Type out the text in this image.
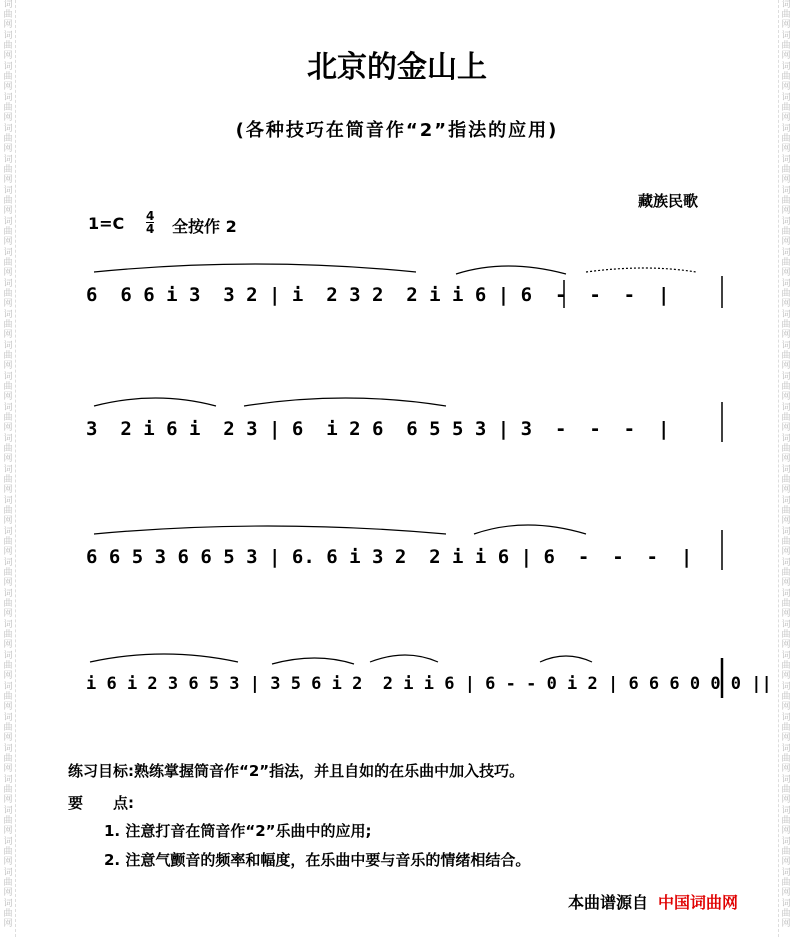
词
曲
网
词
曲
网
词
曲
网
词
曲
网
词
曲
网
词
曲
网
词
曲
网
词
曲
网
词
曲
网
词
曲
网
词
曲
网
词
曲
网
词
曲
网
词
曲
网
词
曲
网
词
曲
网
词
曲
网
词
曲
网
词
曲
网
词
曲
网
词
曲
网
词
曲
网
词
曲
网
词
曲
网
词
曲
网
词
曲
网
词
曲
网
词
曲
网
词
曲
网
词
曲
网
词
曲
网
词
曲
网
词
曲
网
词
曲
网
词
曲
网
词
曲
网
词
曲
网
词
曲
网
词
曲
网
词
曲
网
词
曲
网
词
曲
网
词
曲
网
词
曲
网
词
曲
网
词
曲
网
词
曲
网
词
曲
网
词
曲
网
词
曲
网
词
曲
网
词
曲
网
词
曲
网
词
曲
网
词
曲
网
词
曲
网
词
曲
网
词
曲
网
词
曲
网
词
曲
网
北京的金山上
(各种技巧在筒音作“2”指法的应用)
藏族民歌
1=C 4
4 全按作 2
6  6 6 i 3  3 2 | i  2 3 2  2 i i 6 | 6  -  -  -  |
3  2 i 6 i  2 3 | 6  i 2 6  6 5 5 3 | 3  -  -  -  |
6 6 5 3 6 6 5 3 | 6. 6 i 3 2  2 i i 6 | 6  -  -  -  |
i 6 i 2 3 6 5 3 | 3 5 6 i 2  2 i i 6 | 6 - - 0 i 2 | 6 6 6 0 0 0 ||
练习目标:熟练掌握筒音作“2”指法，并且自如的在乐曲中加入技巧。
要　　点:
1. 注意打音在筒音作“2”乐曲中的应用;
2. 注意气颤音的频率和幅度，在乐曲中要与音乐的情绪相结合。
本曲谱源自 中国词曲网
